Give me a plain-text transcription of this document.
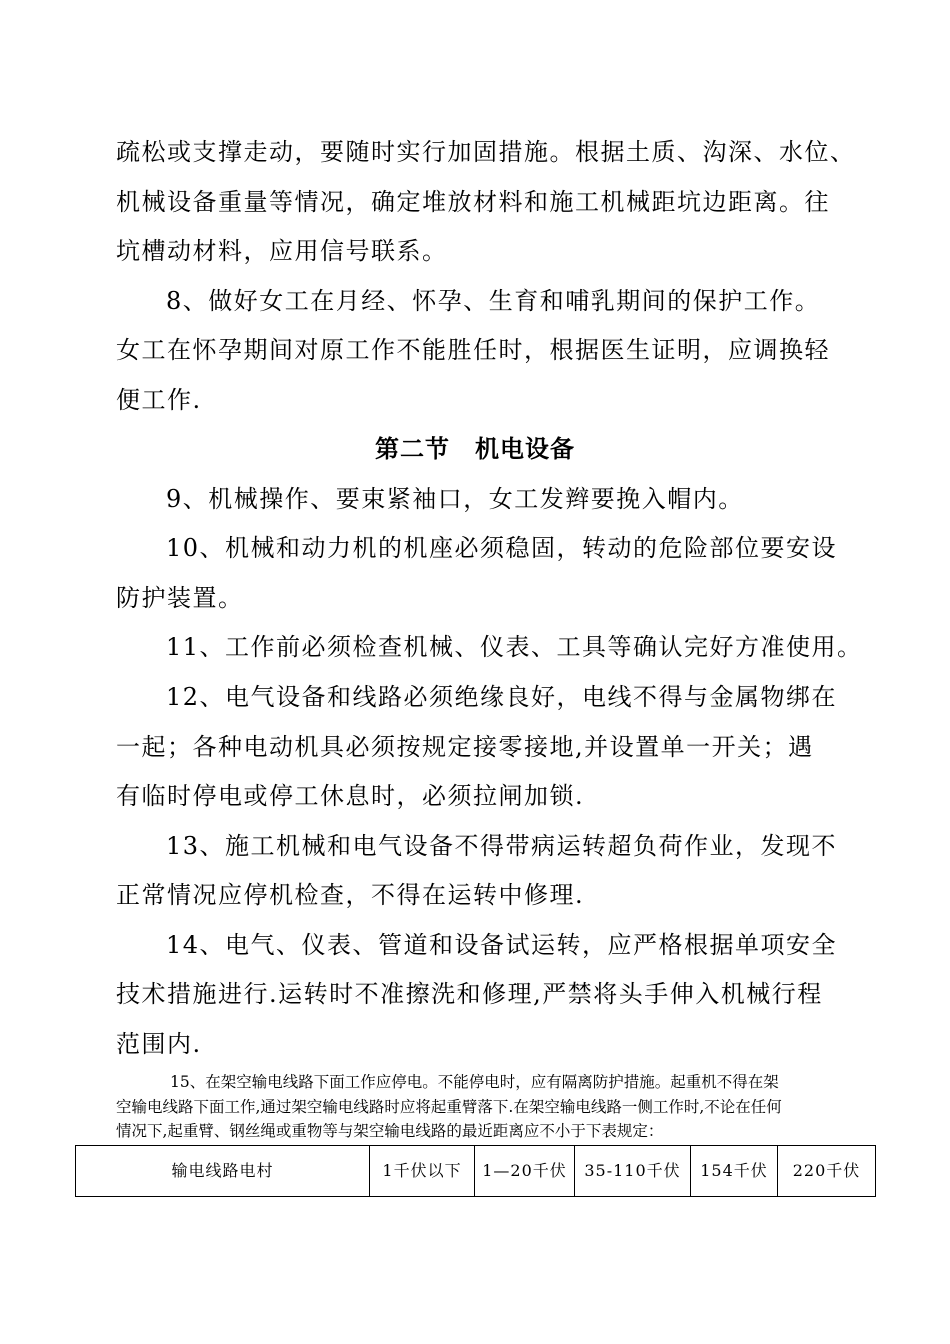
疏松或支撑走动，要随时实行加固措施。根据土质、沟深、水位、
机械设备重量等情况，确定堆放材料和施工机械距坑边距离。往
坑槽动材料，应用信号联系。
8、做好女工在月经、怀孕、生育和哺乳期间的保护工作。
女工在怀孕期间对原工作不能胜任时，根据医生证明，应调换轻
便工作.
第二节　机电设备
9、机械操作、要束紧袖口，女工发辫要挽入帽内。
10、机械和动力机的机座必须稳固，转动的危险部位要安设
防护装置。
11、工作前必须检查机械、仪表、工具等确认完好方准使用。
12、电气设备和线路必须绝缘良好，电线不得与金属物绑在
一起；各种电动机具必须按规定接零接地,并设置单一开关；遇
有临时停电或停工休息时，必须拉闸加锁.
13、施工机械和电气设备不得带病运转超负荷作业，发现不
正常情况应停机检查，不得在运转中修理.
14、电气、仪表、管道和设备试运转，应严格根据单项安全
技术措施进行.运转时不准擦洗和修理,严禁将头手伸入机械行程
范围内.
15、在架空输电线路下面工作应停电。不能停电时，应有隔离防护措施。起重机不得在架
空输电线路下面工作,通过架空输电线路时应将起重臂落下.在架空输电线路一侧工作时,不论在任何
情况下,起重臂、钢丝绳或重物等与架空输电线路的最近距离应不小于下表规定：
输电线路电村	1千伏以下	1—20千伏	35-110千伏	154千伏	220千伏
